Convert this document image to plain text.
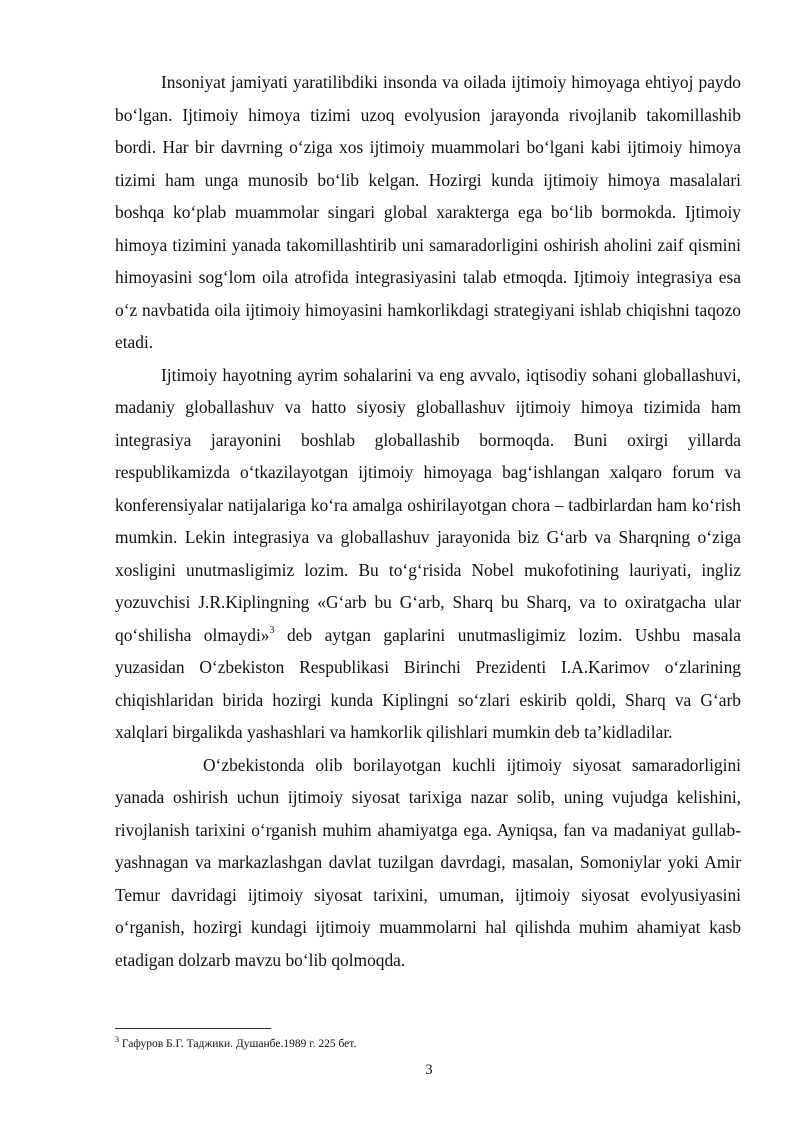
Insoniyat jamiyati yaratilibdiki insonda va oilada ijtimoiy himoyaga ehtiyoj paydo bo‘lgan. Ijtimoiy himoya tizimi uzoq evolyusion jarayonda rivojlanib takomillashib bordi. Har bir davrning o‘ziga xos ijtimoiy muammolari bo‘lgani kabi ijtimoiy himoya tizimi ham unga munosib bo‘lib kelgan. Hozirgi kunda ijtimoiy himoya masalalari boshqa ko‘plab muammolar singari global xarakterga ega bo‘lib bormokda. Ijtimoiy himoya tizimini yanada takomillashtirib uni samaradorligini oshirish aholini zaif qismini himoyasini sog‘lom oila atrofida integrasiyasini talab etmoqda. Ijtimoiy integrasiya esa o‘z navbatida oila ijtimoiy himoyasini hamkorlikdagi strategiyani ishlab chiqishni taqozo etadi.

Ijtimoiy hayotning ayrim sohalarini va eng avvalo, iqtisodiy sohani globallashuvi, madaniy globallashuv va hatto siyosiy globallashuv ijtimoiy himoya tizimida ham integrasiya jarayonini boshlab globallashib bormoqda. Buni oxirgi yillarda respublikamizda o‘tkazilayotgan ijtimoiy himoyaga bag‘ishlangan xalqaro forum va konferensiyalar natijalariga ko‘ra amalga oshirilayotgan chora – tadbirlardan ham ko‘rish mumkin. Lekin integrasiya va globallashuv jarayonida biz G‘arb va Sharqning o‘ziga xosligini unutmasligimiz lozim. Bu to‘g‘risida Nobel mukofotining lauriyati, ingliz yozuvchisi J.R.Kiplingning «G‘arb bu G‘arb, Sharq bu Sharq, va to oxiratgacha ular qo‘shilisha olmaydi»$^3$ deb aytgan gaplarini unutmasligimiz lozim. Ushbu masala yuzasidan O‘zbekiston Respublikasi Birinchi Prezidenti I.A.Karimov o‘zlarining chiqishlaridan birida hozirgi kunda Kiplingni so‘zlari eskirib qoldi, Sharq va G‘arb xalqlari birgalikda yashashlari va hamkorlik qilishlari mumkin deb ta’kidladilar.

O‘zbekistonda olib borilayotgan kuchli ijtimoiy siyosat samaradorligini yanada oshirish uchun ijtimoiy siyosat tarixiga nazar solib, uning vujudga kelishini, rivojlanish tarixini o‘rganish muhim ahamiyatga ega. Ayniqsa, fan va madaniyat gullab-yashnagan va markazlashgan davlat tuzilgan davrdagi, masalan, Somoniylar yoki Amir Temur davridagi ijtimoiy siyosat tarixini, umuman, ijtimoiy siyosat evolyusiyasini o‘rganish, hozirgi kundagi ijtimoiy muammolarni hal qilishda muhim ahamiyat kasb etadigan dolzarb mavzu bo‘lib qolmoqda.

$^3$ Гафуров Б.Г. Таджики. Душанбе.1989 г. 225 бет.
3
